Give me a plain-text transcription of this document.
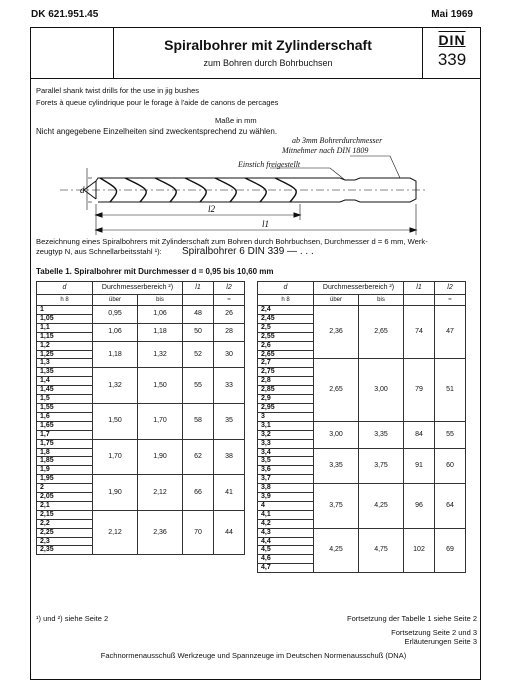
DK 621.951.45	Mai 1969
Spiralbohrer mit Zylinderschaft
zum Bohren durch Bohrbuchsen
DIN
339
Parallel shank twist drills for the use in jig bushes
Forets à queue cylindrique pour le forage à l'aide de canons de percages
Maße in mm
Nicht angegebene Einzelheiten sind zweckentsprechend zu wählen.
ab 3mm Bohrerdurchmesser
Mitnehmer nach DIN 1809
Einstich freigestellt
d
l2
l1
Bezeichnung eines Spiralbohrers mit Zylinderschaft zum Bohren durch Bohrbuchsen, Durchmesser d = 6 mm, Werk-
zeugtyp N, aus Schnellarbeitsstahl ¹): Spiralbohrer 6 DIN 339 — . . .
Tabelle 1. Spiralbohrer mit Durchmesser d = 0,95 bis 10,60 mm
d	Durchmesserbereich ²)		l1	l2
h 8	über	bis		≈
1	0,95	1,06	48	26
1,05				
1,1	1,06	1,18	50	28
1,15				
1,2	1,18	1,32	52	30
1,25				
1,3				
1,35	1,32	1,50	55	33
1,4				
1,45				
1,5				
1,55	1,50	1,70	58	35
1,6				
1,65				
1,7				
1,75	1,70	1,90	62	38
1,8				
1,85				
1,9				
1,95	1,90	2,12	66	41
2				
2,05				
2,1				
2,15	2,12	2,36	70	44
2,2				
2,25				
2,3				
2,35				
d	Durchmesserbereich ²)		l1	l2
h 8	über	bis		≈
2,4	2,36	2,65	74	47
2,45				
2,5				
2,55				
2,6				
2,65				
2,7	2,65	3,00	79	51
2,75				
2,8				
2,85				
2,9				
2,95				
3				
3,1	3,00	3,35	84	55
3,2				
3,3				
3,4	3,35	3,75	91	60
3,5				
3,6				
3,7				
3,8	3,75	4,25	96	64
3,9				
4				
4,1				
4,2				
4,3	4,25	4,75	102	69
4,4				
4,5				
4,6				
4,7				
¹) und ²) siehe Seite 2	Fortsetzung der Tabelle 1 siehe Seite 2
Fortsetzung Seite 2 und 3
Erläuterungen Seite 3
Fachnormenausschuß Werkzeuge und Spannzeuge im Deutschen Normenausschuß (DNA)
